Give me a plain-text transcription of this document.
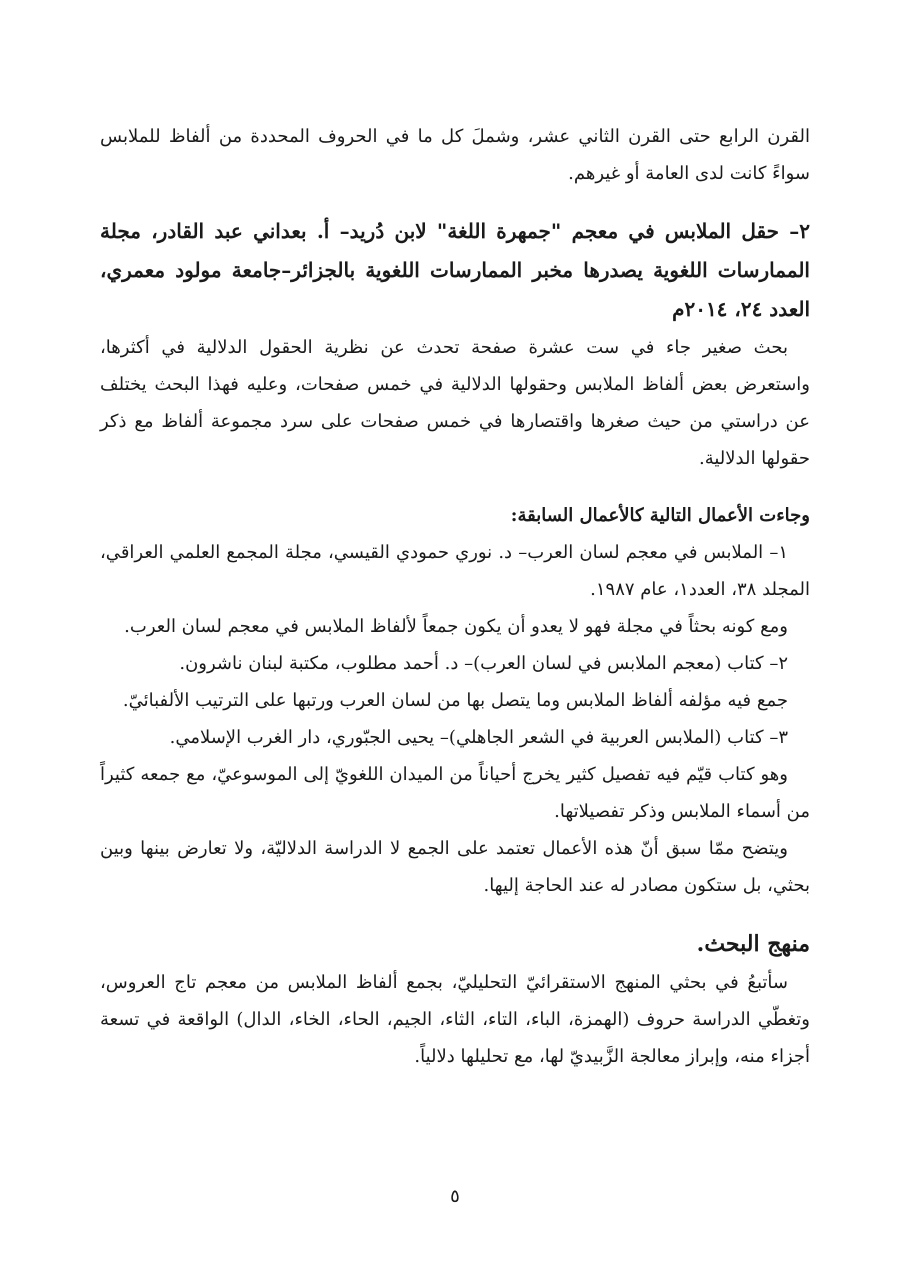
القرن الرابع حتى القرن الثاني عشر، وشملَ كل ما في الحروف المحددة من ألفاظ للملابس سواءً كانت لدى العامة أو غيرهم.

٢– حقل الملابس في معجم "جمهرة اللغة" لابن دُريد– أ. بعداني عبد القادر، مجلة الممارسات اللغوية يصدرها مخبر الممارسات اللغوية بالجزائر–جامعة مولود معمري، العدد ٢٤، ٢٠١٤م

بحث صغير جاء في ست عشرة صفحة تحدث عن نظرية الحقول الدلالية في أكثرها، واستعرض بعض ألفاظ الملابس وحقولها الدلالية في خمس صفحات، وعليه فهذا البحث يختلف عن دراستي من حيث صغرها واقتصارها في خمس صفحات على سرد مجموعة ألفاظ مع ذكر حقولها الدلالية.

وجاءت الأعمال التالية كالأعمال السابقة:

١– الملابس في معجم لسان العرب– د. نوري حمودي القيسي، مجلة المجمع العلمي العراقي، المجلد ٣٨، العدد١، عام ١٩٨٧.

ومع كونه بحثاً في مجلة فهو لا يعدو أن يكون جمعاً لألفاظ الملابس في معجم لسان العرب.

٢– كتاب (معجم الملابس في لسان العرب)– د. أحمد مطلوب، مكتبة لبنان ناشرون.

جمع فيه مؤلفه ألفاظ الملابس وما يتصل بها من لسان العرب ورتبها على الترتيب الألفبائيّ.

٣– كتاب (الملابس العربية في الشعر الجاهلي)– يحيى الجبّوري، دار الغرب الإسلامي.

وهو كتاب قيّم فيه تفصيل كثير يخرج أحياناً من الميدان اللغويّ إلى الموسوعيّ، مع جمعه كثيراً من أسماء الملابس وذكر تفصيلاتها.

ويتضح ممّا سبق أنّ هذه الأعمال تعتمد على الجمع لا الدراسة الدلاليّة، ولا تعارض بينها وبين بحثي، بل ستكون مصادر له عند الحاجة إليها.

منهج البحث.

سأتبعُ في بحثي المنهج الاستقرائيّ التحليليّ، بجمع ألفاظ الملابس من معجم تاج العروس، وتغطّي الدراسة حروف (الهمزة، الباء، التاء، الثاء، الجيم، الحاء، الخاء، الدال) الواقعة في تسعة أجزاء منه، وإبراز معالجة الزَّبيديّ لها، مع تحليلها دلالياً.

٥
